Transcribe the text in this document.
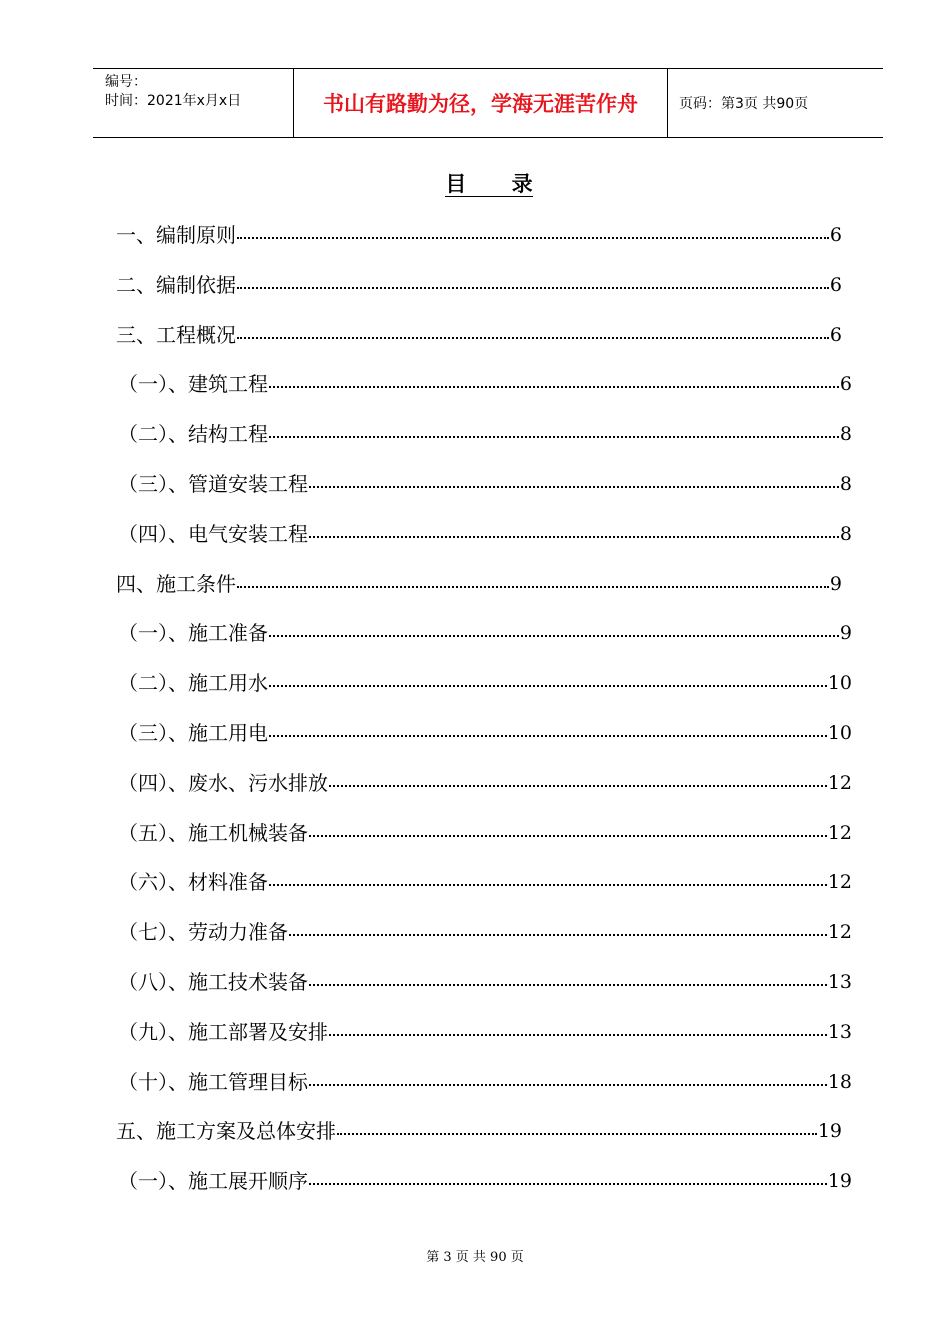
编号：
时间：2021年x月x日	书山有路勤为径，学海无涯苦作舟	页码：第3页 共90页
目 录
一、编制原则	6
二、编制依据	6
三、工程概况	6
（一）、建筑工程	6
（二）、结构工程	8
（三）、管道安装工程	8
（四）、电气安装工程	8
四、施工条件	9
（一）、施工准备	9
（二）、施工用水	10
（三）、施工用电	10
（四）、废水、污水排放	12
（五）、施工机械装备	12
（六）、材料准备	12
（七）、劳动力准备	12
（八）、施工技术装备	13
（九）、施工部署及安排	13
（十）、施工管理目标	18
五、施工方案及总体安排	19
（一）、施工展开顺序	19
第 3 页 共 90 页
